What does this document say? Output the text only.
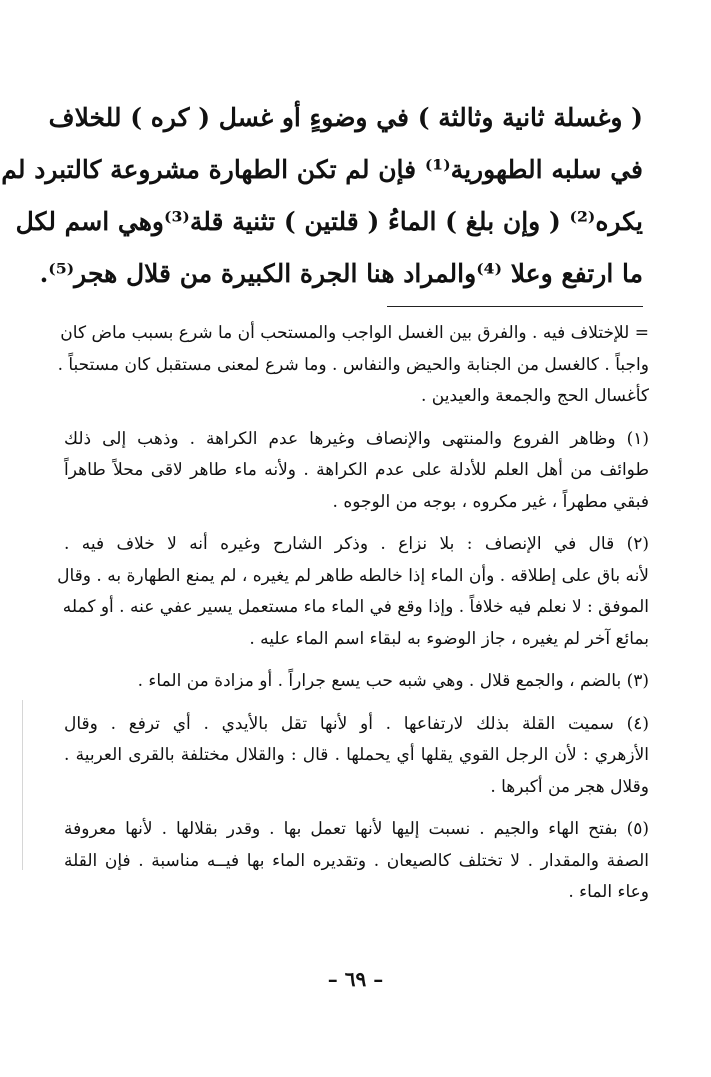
( وغسلة ثانية وثالثة ) في وضوءٍ أو غسل ( كره ) للخلاف
في سلبه الطهورية⁽¹⁾ فإن لم تكن الطهارة مشروعة كالتبرد لم
يكره⁽²⁾ ( وإن بلغ ) الماءُ ( قلتين ) تثنية قلة⁽³⁾وهي اسم لكل
ما ارتفع وعلا ⁽⁴⁾والمراد هنا الجرة الكبيرة من قلال هجر⁽⁵⁾.
= للإختلاف فيه . والفرق بين الغسل الواجب والمستحب أن ما شرع بسبب ماض كان
واجباً . كالغسل من الجنابة والحيض والنفاس . وما شرع لمعنى مستقبل كان مستحباً .
كأغسال الحج والجمعة والعيدين .
(١) وظاهر الفروع والمنتهى والإنصاف وغيرها عدم الكراهة . وذهب إلى ذلك
طوائف من أهل العلم للأدلة على عدم الكراهة . ولأنه ماء طاهر لاقى محلاً طاهراً
فبقي مطهراً ، غير مكروه ، بوجه من الوجوه .
(٢) قال في الإنصاف : بلا نزاع . وذكر الشارح وغيره أنه لا خلاف فيه .
لأنه باق على إطلاقه . وأن الماء إذا خالطه طاهر لم يغيره ، لم يمنع الطهارة به . وقال
الموفق : لا نعلم فيه خلافاً . وإذا وقع في الماء ماء مستعمل يسير عفي عنه . أو كمله
بمائع آخر لم يغيره ، جاز الوضوء به لبقاء اسم الماء عليه .
(٣) بالضم ، والجمع قلال . وهي شبه حب يسع جراراً . أو مزادة من الماء .
(٤) سميت القلة بذلك لارتفاعها . أو لأنها تقل بالأيدي . أي ترفع . وقال
الأزهري : لأن الرجل القوي يقلها أي يحملها . قال : والقلال مختلفة بالقرى العربية .
وقلال هجر من أكبرها .
(٥) بفتح الهاء والجيم . نسبت إليها لأنها تعمل بها . وقدر بقلالها . لأنها معروفة
الصفة والمقدار . لا تختلف كالصيعان . وتقديره الماء بها فيــه مناسبة . فإن القلة
وعاء الماء .
– ٦٩ –
